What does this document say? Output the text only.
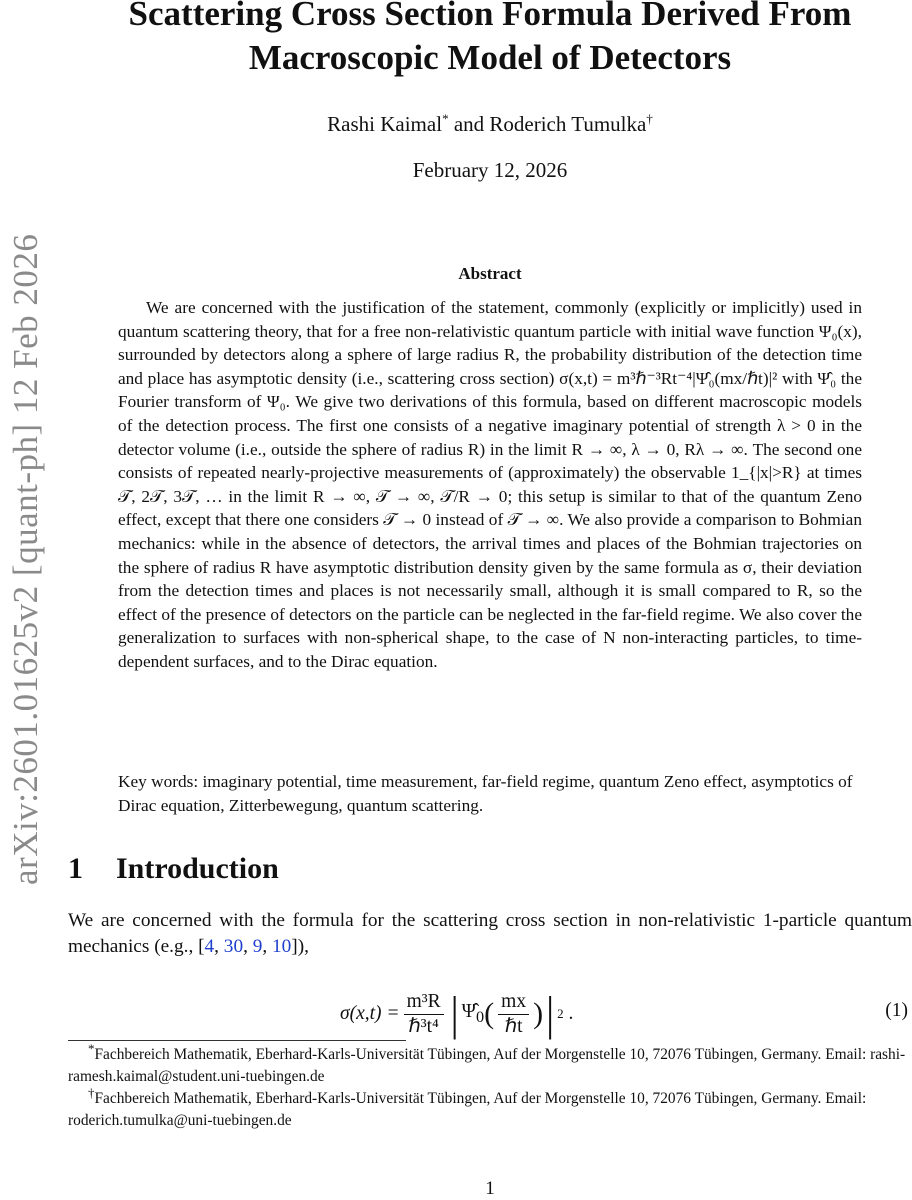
arXiv:2601.01625v2 [quant-ph] 12 Feb 2026
Scattering Cross Section Formula Derived From Macroscopic Model of Detectors
Rashi Kaimal* and Roderich Tumulka†
February 12, 2026
Abstract
We are concerned with the justification of the statement, commonly (explicitly or implicitly) used in quantum scattering theory, that for a free non-relativistic quantum particle with initial wave function Ψ₀(x), surrounded by detectors along a sphere of large radius R, the probability distribution of the detection time and place has asymptotic density (i.e., scattering cross section) σ(x,t) = m³ℏ⁻³Rt⁻⁴|Ψ̂₀(mx/ℏt)|² with Ψ̂₀ the Fourier transform of Ψ₀. We give two derivations of this formula, based on different macroscopic models of the detection process. The first one consists of a negative imaginary potential of strength λ > 0 in the detector volume (i.e., outside the sphere of radius R) in the limit R → ∞, λ → 0, Rλ → ∞. The second one consists of repeated nearly-projective measurements of (approximately) the observable 1_{|x|>R} at times 𝒯, 2𝒯, 3𝒯, … in the limit R → ∞, 𝒯 → ∞, 𝒯/R → 0; this setup is similar to that of the quantum Zeno effect, except that there one considers 𝒯 → 0 instead of 𝒯 → ∞. We also provide a comparison to Bohmian mechanics: while in the absence of detectors, the arrival times and places of the Bohmian trajectories on the sphere of radius R have asymptotic distribution density given by the same formula as σ, their deviation from the detection times and places is not necessarily small, although it is small compared to R, so the effect of the presence of detectors on the particle can be neglected in the far-field regime. We also cover the generalization to surfaces with non-spherical shape, to the case of N non-interacting particles, to time-dependent surfaces, and to the Dirac equation.
Key words: imaginary potential, time measurement, far-field regime, quantum Zeno effect, asymptotics of Dirac equation, Zitterbewegung, quantum scattering.
1 Introduction
We are concerned with the formula for the scattering cross section in non-relativistic 1-particle quantum mechanics (e.g., [4, 30, 9, 10]),
$\sigma(x,t) = \frac{\text{m³R}}{\text{ℏ³t⁴}}$ | $\Psî_0$ ( $\frac{mx}{\text{ℏt}}$ ) | 2 .	(1)

*Fachbereich Mathematik, Eberhard-Karls-Universität Tübingen, Auf der Morgenstelle 10, 72076 Tübingen, Germany. Email: rashi-ramesh.kaimal@student.uni-tuebingen.de

†Fachbereich Mathematik, Eberhard-Karls-Universität Tübingen, Auf der Morgenstelle 10, 72076 Tübingen, Germany. Email: roderich.tumulka@uni-tuebingen.de

1
